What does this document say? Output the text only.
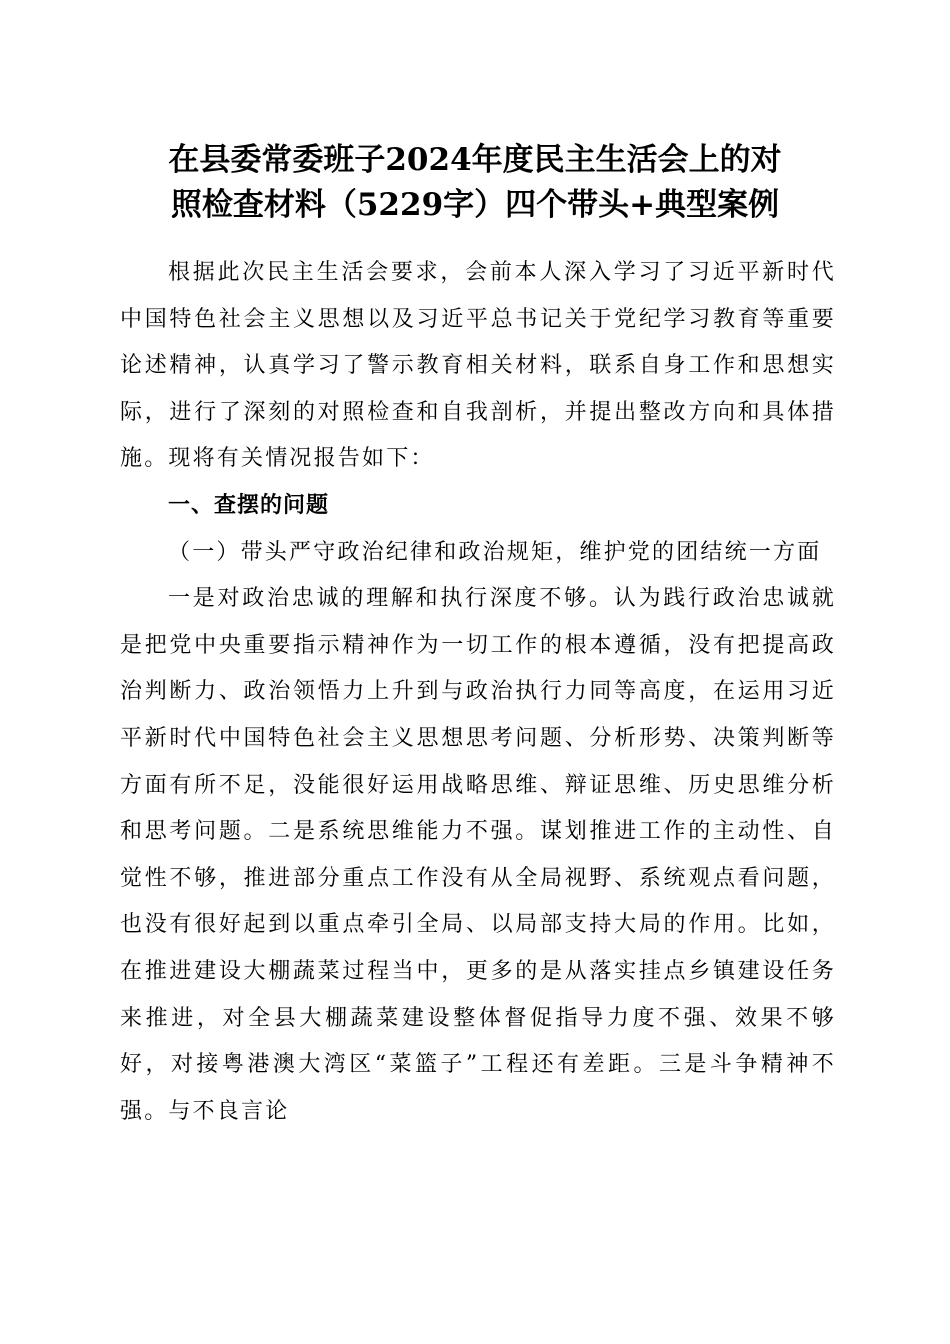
在县委常委班子2024年度民主生活会上的对
照检查材料（5229字）四个带头+典型案例

根据此次民主生活会要求，会前本人深入学习了习近平新时代中国特色社会主义思想以及习近平总书记关于党纪学习教育等重要论述精神，认真学习了警示教育相关材料，联系自身工作和思想实际，进行了深刻的对照检查和自我剖析，并提出整改方向和具体措施。现将有关情况报告如下：

一、查摆的问题

（一）带头严守政治纪律和政治规矩，维护党的团结统一方面

一是对政治忠诚的理解和执行深度不够。认为践行政治忠诚就是把党中央重要指示精神作为一切工作的根本遵循，没有把提高政治判断力、政治领悟力上升到与政治执行力同等高度，在运用习近平新时代中国特色社会主义思想思考问题、分析形势、决策判断等方面有所不足，没能很好运用战略思维、辩证思维、历史思维分析和思考问题。二是系统思维能力不强。谋划推进工作的主动性、自觉性不够，推进部分重点工作没有从全局视野、系统观点看问题，也没有很好起到以重点牵引全局、以局部支持大局的作用。比如，在推进建设大棚蔬菜过程当中，更多的是从落实挂点乡镇建设任务来推进，对全县大棚蔬菜建设整体督促指导力度不强、效果不够好，对接粤港澳大湾区“菜篮子”工程还有差距。三是斗争精神不强。与不良言论
